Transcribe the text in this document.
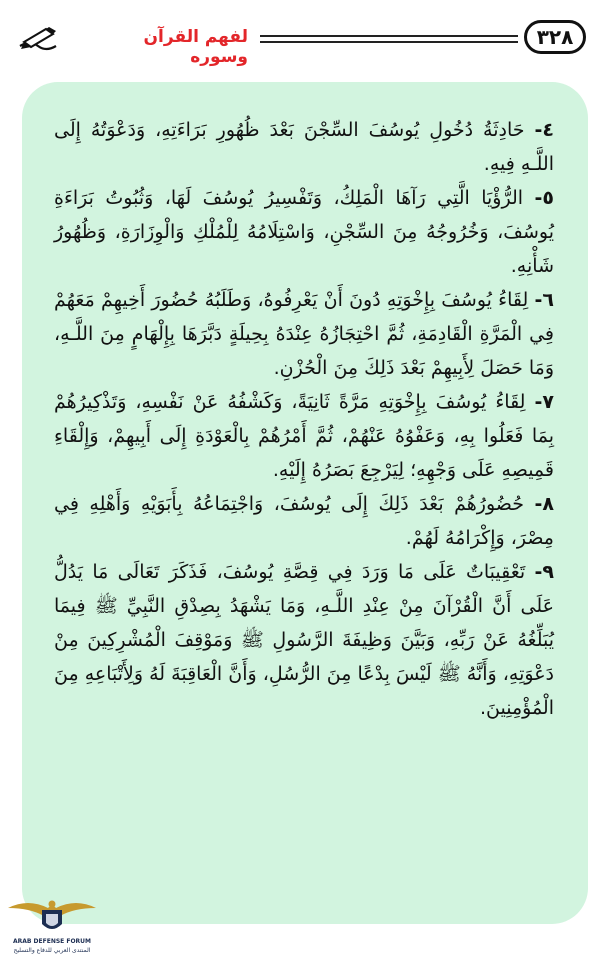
٣٢٨
لفهم القرآن وسوره

٤- حَادِثَةُ دُخُولِ يُوسُفَ السِّجْنَ بَعْدَ ظُهُورِ بَرَاءَتِهِ، وَدَعْوَتُهُ إِلَى اللَّـهِ فِيهِ.

٥- الرُّؤْيَا الَّتِي رَآهَا الْمَلِكُ، وَتَفْسِيرُ يُوسُفَ لَهَا، وَثُبُوتُ بَرَاءَةِ يُوسُفَ، وَخُرُوجُهُ مِنَ السِّجْنِ، وَاسْتِلَامُهُ لِلْمُلْكِ وَالْوِزَارَةِ، وَظُهُورُ شَأْنِهِ.

٦- لِقَاءُ يُوسُفَ بِإِخْوَتِهِ دُونَ أَنْ يَعْرِفُوهُ، وَطَلَبُهُ حُضُورَ أَخِيهِمْ مَعَهُمْ فِي الْمَرَّةِ الْقَادِمَةِ، ثُمَّ احْتِجَازُهُ عِنْدَهُ بِحِيلَةٍ دَبَّرَهَا بِإِلْهَامٍ مِنَ اللَّـهِ، وَمَا حَصَلَ لِأَبِيهِمْ بَعْدَ ذَلِكَ مِنَ الْحُزْنِ.

٧- لِقَاءُ يُوسُفَ بِإِخْوَتِهِ مَرَّةً ثَانِيَةً، وَكَشْفُهُ عَنْ نَفْسِهِ، وَتَذْكِيرُهُمْ بِمَا فَعَلُوا بِهِ، وَعَفْوُهُ عَنْهُمْ، ثُمَّ أَمْرُهُمْ بِالْعَوْدَةِ إِلَى أَبِيهِمْ، وَإِلْقَاءِ قَمِيصِهِ عَلَى وَجْهِهِ؛ لِيَرْجِعَ بَصَرُهُ إِلَيْهِ.

٨- حُضُورُهُمْ بَعْدَ ذَلِكَ إِلَى يُوسُفَ، وَاجْتِمَاعُهُ بِأَبَوَيْهِ وَأَهْلِهِ فِي مِصْرَ، وَإِكْرَامُهُ لَهُمْ.

٩- تَعْقِيبَاتٌ عَلَى مَا وَرَدَ فِي قِصَّةِ يُوسُفَ، فَذَكَرَ تَعَالَى مَا يَدُلُّ عَلَى أَنَّ الْقُرْآنَ مِنْ عِنْدِ اللَّـهِ، وَمَا يَشْهَدُ بِصِدْقِ النَّبِيِّ ﷺ فِيمَا يُبَلِّغُهُ عَنْ رَبِّهِ، وَبَيَّنَ وَظِيفَةَ الرَّسُولِ ﷺ وَمَوْقِفَ الْمُشْرِكِينَ مِنْ دَعْوَتِهِ، وَأَنَّهُ ﷺ لَيْسَ بِدْعًا مِنَ الرُّسُلِ، وَأَنَّ الْعَاقِبَةَ لَهُ وَلِأَتْبَاعِهِ مِنَ الْمُؤْمِنِينَ.

ARAB DEFENSE FORUM
المنتدى العربي للدفاع والتسليح
